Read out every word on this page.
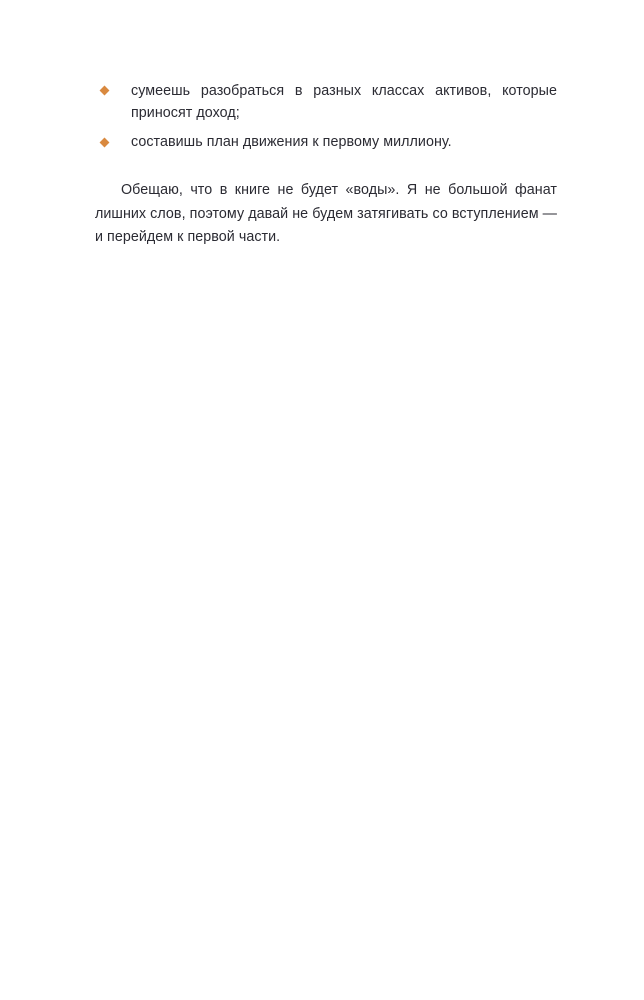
сумеешь разобраться в разных классах активов, которые приносят доход;
составишь план движения к первому миллиону.

Обещаю, что в книге не будет «воды». Я не большой фанат лишних слов, поэтому давай не будем затягивать со вступлением — и перейдем к первой части.
